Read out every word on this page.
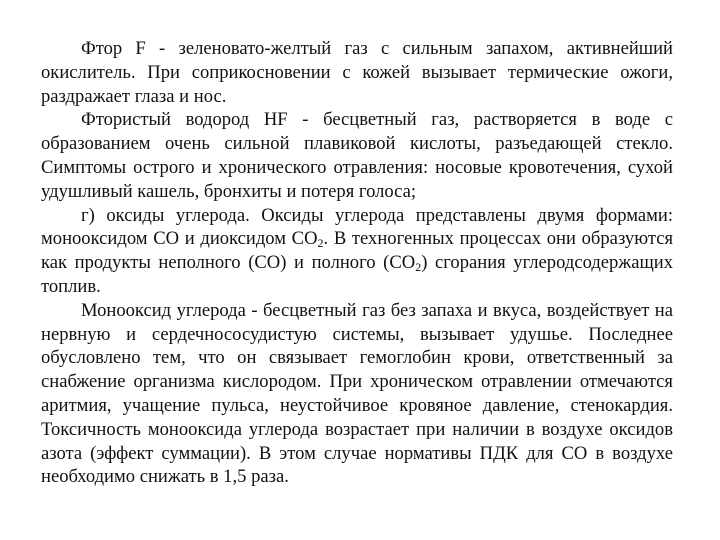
Фтор F - зеленовато-желтый газ с сильным запахом, активнейший окислитель. При соприкосновении с кожей вызывает термические ожоги, раздражает глаза и нос.

Фтористый водород HF - бесцветный газ, растворяется в воде с образованием очень сильной плавиковой кислоты, разъедающей стекло. Симптомы острого и хронического отравления: носовые кровотечения, сухой удушливый кашель, бронхиты и потеря голоса;

г) оксиды углерода. Оксиды углерода представлены двумя формами: монооксидом СО и диоксидом $СО_2$. В техногенных процессах они образуются как продукты неполного (СО) и полного $(СО_2)$ сгорания углеродсодержащих топлив.

Монооксид углерода - бесцветный газ без запаха и вкуса, воздействует на нервную и сердечнососудистую системы, вызывает удушье. Последнее обусловлено тем, что он связывает гемоглобин крови, ответственный за снабжение организма кислородом. При хроническом отравлении отмечаются аритмия, учащение пульса, неустойчивое кровяное давление, стенокардия. Токсичность монооксида углерода возрастает при наличии в воздухе оксидов азота (эффект суммации). В этом случае нормативы ПДК для СО в воздухе необходимо снижать в 1,5 раза.
